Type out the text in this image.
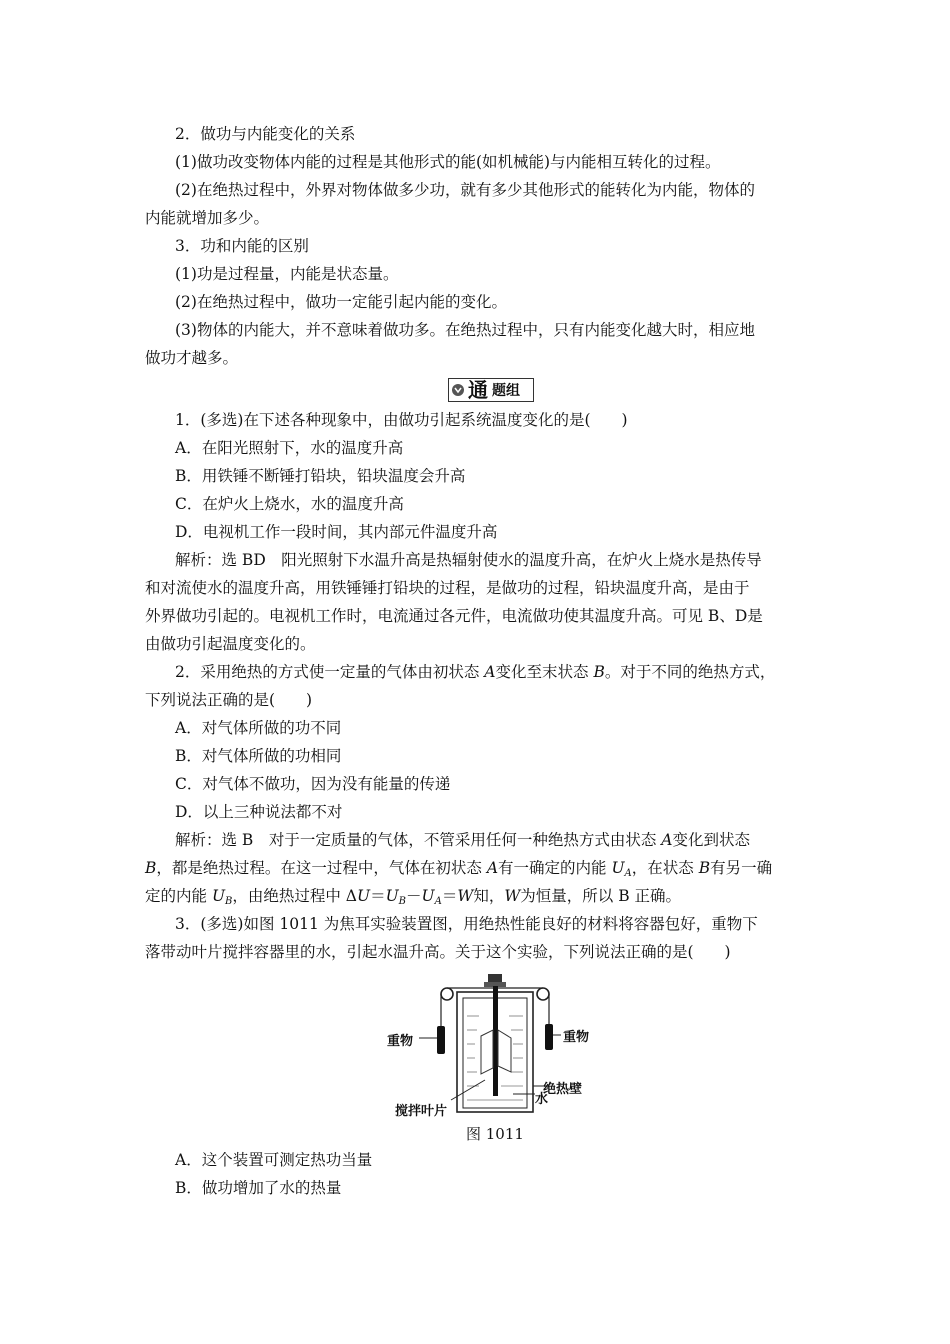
2．做功与内能变化的关系
(1)做功改变物体内能的过程是其他形式的能(如机械能)与内能相互转化的过程。
(2)在绝热过程中，外界对物体做多少功，就有多少其他形式的能转化为内能，物体的
内能就增加多少。
3．功和内能的区别
(1)功是过程量，内能是状态量。
(2)在绝热过程中，做功一定能引起内能的变化。
(3)物体的内能大，并不意味着做功多。在绝热过程中，只有内能变化越大时，相应地
做功才越多。
通 题组
1．(多选)在下述各种现象中，由做功引起系统温度变化的是(　　)
A．在阳光照射下，水的温度升高
B．用铁锤不断锤打铅块，铅块温度会升高
C．在炉火上烧水，水的温度升高
D．电视机工作一段时间，其内部元件温度升高
解析：选 BD　阳光照射下水温升高是热辐射使水的温度升高，在炉火上烧水是热传导
和对流使水的温度升高，用铁锤锤打铅块的过程，是做功的过程，铅块温度升高，是由于
外界做功引起的。电视机工作时，电流通过各元件，电流做功使其温度升高。可见 B、D是
由做功引起温度变化的。
2．采用绝热的方式使一定量的气体由初状态 A变化至末状态 B。对于不同的绝热方式，
下列说法正确的是(　　)
A．对气体所做的功不同
B．对气体所做的功相同
C．对气体不做功，因为没有能量的传递
D．以上三种说法都不对
解析：选 B　对于一定质量的气体，不管采用任何一种绝热方式由状态 A变化到状态
B，都是绝热过程。在这一过程中，气体在初状态 A有一确定的内能 $U_A$，在状态 B有另一确
定的内能 $U_B$，由绝热过程中 $\Delta U=U_B-U_A=W$知，W为恒量，所以 B 正确。
3．(多选)如图 1011 为焦耳实验装置图，用绝热性能良好的材料将容器包好，重物下
落带动叶片搅拌容器里的水，引起水温升高。关于这个实验，下列说法正确的是(　　)
重物	重物
绝热壁
水
搅拌叶片
图 1011
A．这个装置可测定热功当量
B．做功增加了水的热量
